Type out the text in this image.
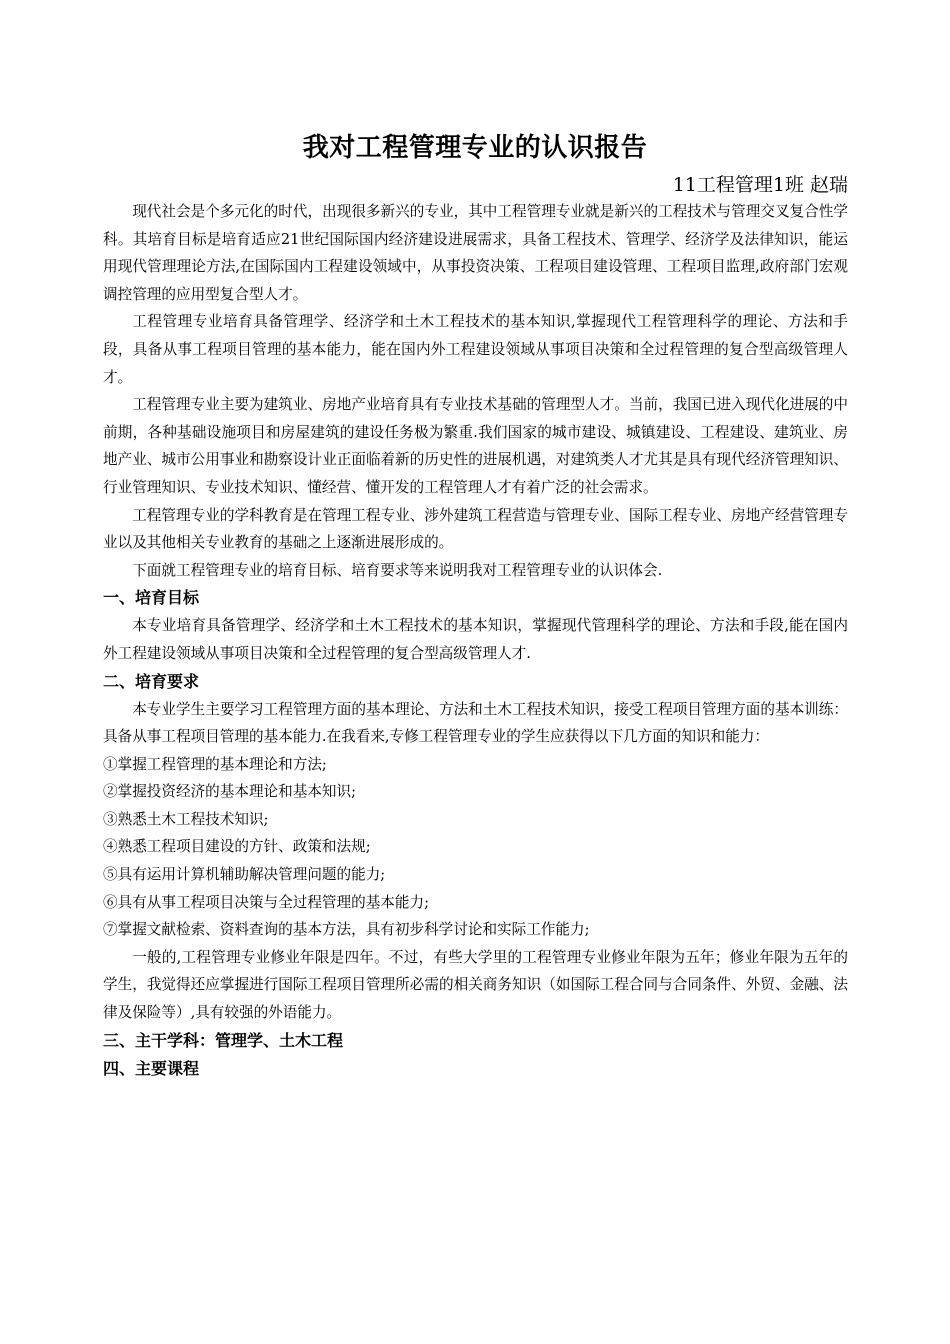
我对工程管理专业的认识报告
11工程管理1班 赵瑞

现代社会是个多元化的时代，出现很多新兴的专业，其中工程管理专业就是新兴的工程技术与管理交叉复合性学科。其培育目标是培育适应21世纪国际国内经济建设进展需求，具备工程技术、管理学、经济学及法律知识，能运用现代管理理论方法,在国际国内工程建设领域中，从事投资决策、工程项目建设管理、工程项目监理,政府部门宏观调控管理的应用型复合型人才。

工程管理专业培育具备管理学、经济学和土木工程技术的基本知识,掌握现代工程管理科学的理论、方法和手段，具备从事工程项目管理的基本能力，能在国内外工程建设领域从事项目决策和全过程管理的复合型高级管理人才。

工程管理专业主要为建筑业、房地产业培育具有专业技术基础的管理型人才。当前，我国已进入现代化进展的中前期，各种基础设施项目和房屋建筑的建设任务极为繁重.我们国家的城市建设、城镇建设、工程建设、建筑业、房地产业、城市公用事业和勘察设计业正面临着新的历史性的进展机遇，对建筑类人才尤其是具有现代经济管理知识、行业管理知识、专业技术知识、懂经营、懂开发的工程管理人才有着广泛的社会需求。

工程管理专业的学科教育是在管理工程专业、涉外建筑工程营造与管理专业、国际工程专业、房地产经营管理专业以及其他相关专业教育的基础之上逐渐进展形成的。

下面就工程管理专业的培育目标、培育要求等来说明我对工程管理专业的认识体会.

一、培育目标

本专业培育具备管理学、经济学和土木工程技术的基本知识，掌握现代管理科学的理论、方法和手段,能在国内外工程建设领域从事项目决策和全过程管理的复合型高级管理人才.

二、培育要求

本专业学生主要学习工程管理方面的基本理论、方法和土木工程技术知识，接受工程项目管理方面的基本训练：具备从事工程项目管理的基本能力.在我看来,专修工程管理专业的学生应获得以下几方面的知识和能力：

①掌握工程管理的基本理论和方法;

②掌握投资经济的基本理论和基本知识;

③熟悉土木工程技术知识;

④熟悉工程项目建设的方针、政策和法规;

⑤具有运用计算机辅助解决管理问题的能力;

⑥具有从事工程项目决策与全过程管理的基本能力;

⑦掌握文献检索、资料查询的基本方法，具有初步科学讨论和实际工作能力;

一般的,工程管理专业修业年限是四年。不过，有些大学里的工程管理专业修业年限为五年；修业年限为五年的学生，我觉得还应掌握进行国际工程项目管理所必需的相关商务知识（如国际工程合同与合同条件、外贸、金融、法律及保险等）,具有较强的外语能力。

三、主干学科：管理学、土木工程
四、主要课程
